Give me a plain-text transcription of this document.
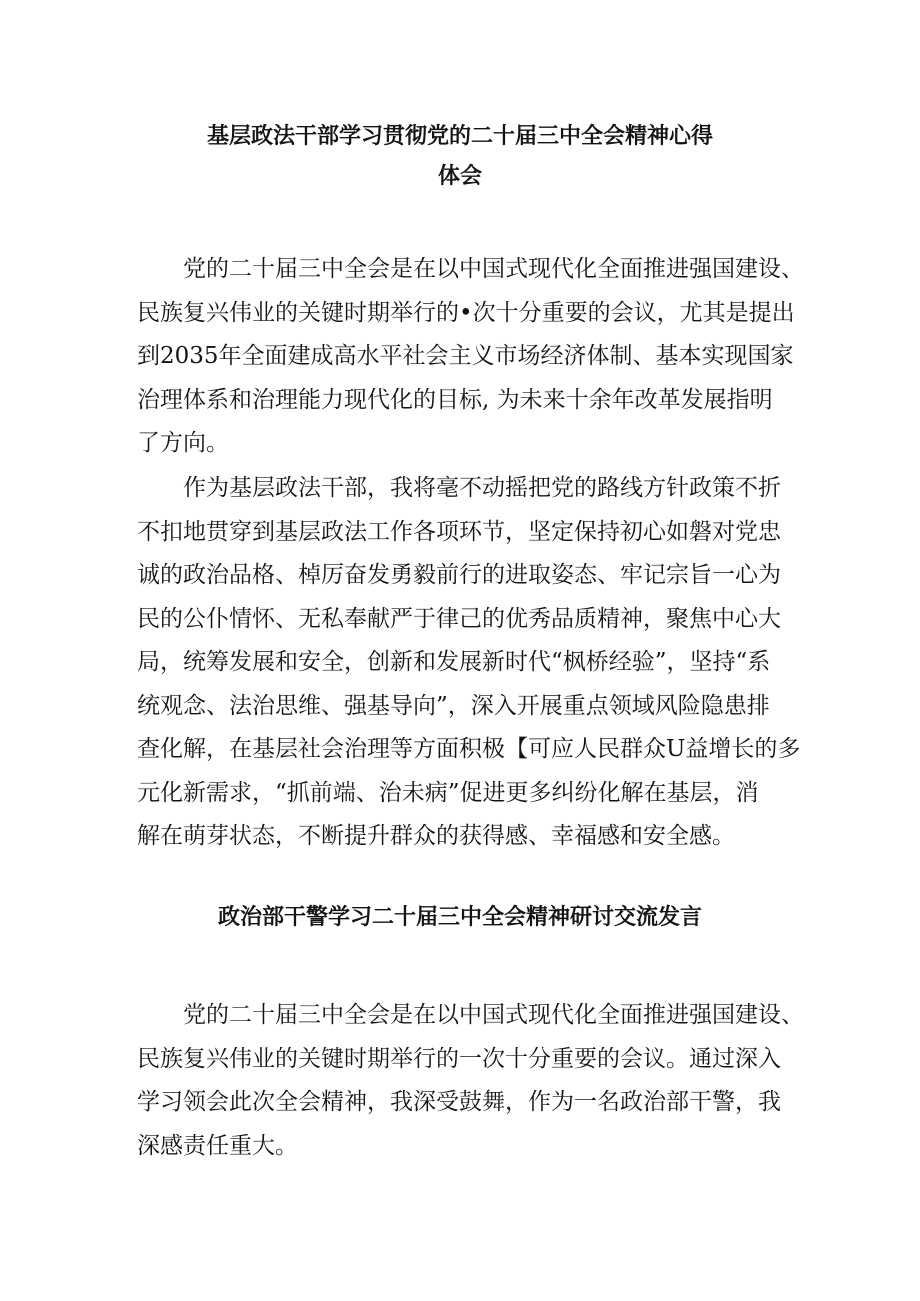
基层政法干部学习贯彻党的二十届三中全会精神心得
体会

党的二十届三中全会是在以中国式现代化全面推进强国建设、
民族复兴伟业的关键时期举行的•次十分重要的会议，尤其是提出
到2035年全面建成高水平社会主义市场经济体制、基本实现国家
治理体系和治理能力现代化的目标, 为未来十余年改革发展指明
了方向。

作为基层政法干部，我将毫不动摇把党的路线方针政策不折
不扣地贯穿到基层政法工作各项环节，坚定保持初心如磐对党忠
诚的政治品格、棹厉奋发勇毅前行的进取姿态、牢记宗旨一心为
民的公仆情怀、无私奉献严于律己的优秀品质精神，聚焦中心大
局，统筹发展和安全，创新和发展新时代“枫桥经验”，坚持“系
统观念、法治思维、强基导向”，深入开展重点领域风险隐患排
查化解，在基层社会治理等方面积极【可应人民群众U益增长的多
元化新需求，“抓前端、治未病”促进更多纠纷化解在基层，消
解在萌芽状态，不断提升群众的获得感、幸福感和安全感。

政治部干警学习二十届三中全会精神研讨交流发言

党的二十届三中全会是在以中国式现代化全面推进强国建设、
民族复兴伟业的关键时期举行的一次十分重要的会议。通过深入
学习领会此次全会精神，我深受鼓舞，作为一名政治部干警，我
深感责任重大。
